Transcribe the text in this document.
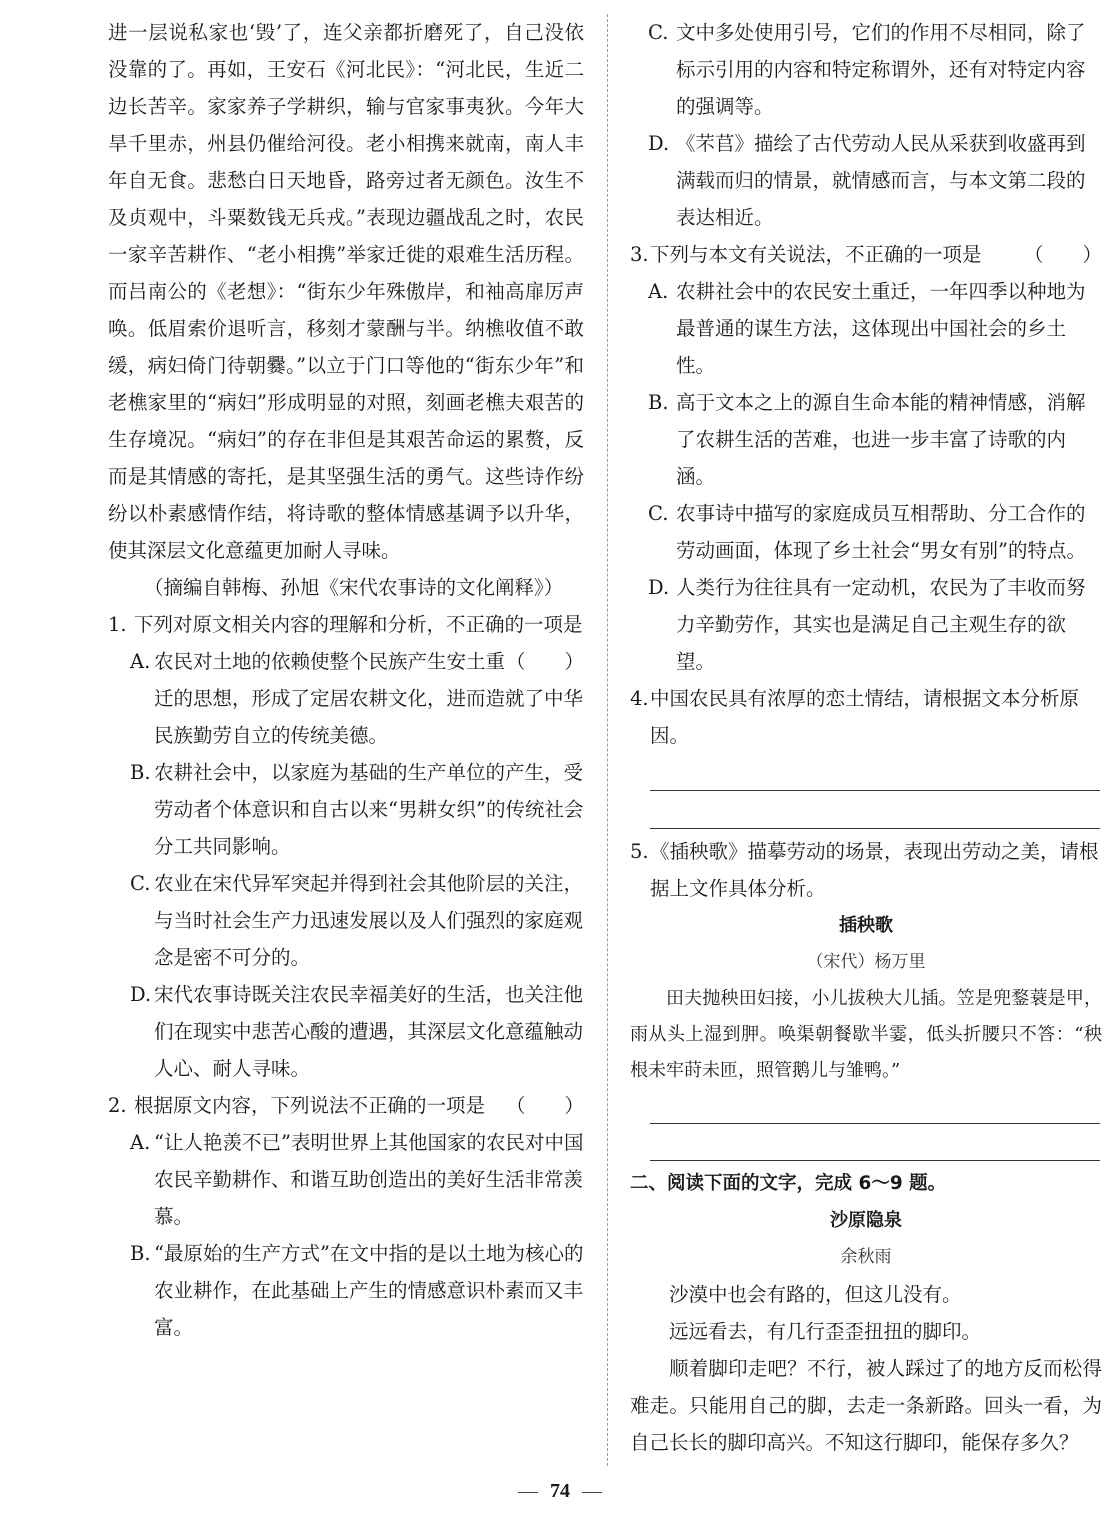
进一层说私家也‘毁’了，连父亲都折磨死了，自己没依没靠的了。再如，王安石《河北民》：“河北民，生近二边长苦辛。家家养子学耕织，输与官家事夷狄。今年大旱千里赤，州县仍催给河役。老小相携来就南，南人丰年自无食。悲愁白日天地昏，路旁过者无颜色。汝生不及贞观中，斗粟数钱无兵戎。”表现边疆战乱之时，农民一家辛苦耕作、“老小相携”举家迁徙的艰难生活历程。而吕南公的《老想》：“街东少年殊傲岸，和袖高扉厉声唤。低眉索价退听言，移刻才蒙酬与半。纳樵收值不敢缓，病妇倚门待朝爨。”以立于门口等他的“街东少年”和老樵家里的“病妇”形成明显的对照，刻画老樵夫艰苦的生存境况。“病妇”的存在非但是其艰苦命运的累赘，反而是其情感的寄托，是其坚强生活的勇气。这些诗作纷纷以朴素感情作结，将诗歌的整体情感基调予以升华，使其深层文化意蕴更加耐人寻味。

（摘编自韩梅、孙旭《宋代农事诗的文化阐释》）

1. 下列对原文相关内容的理解和分析，不正确的一项是
（　　）

A. 农民对土地的依赖使整个民族产生安土重迁的思想，形成了定居农耕文化，进而造就了中华民族勤劳自立的传统美德。

B. 农耕社会中，以家庭为基础的生产单位的产生，受劳动者个体意识和自古以来“男耕女织”的传统社会分工共同影响。

C. 农业在宋代异军突起并得到社会其他阶层的关注，与当时社会生产力迅速发展以及人们强烈的家庭观念是密不可分的。

D. 宋代农事诗既关注农民幸福美好的生活，也关注他们在现实中悲苦心酸的遭遇，其深层文化意蕴触动人心、耐人寻味。

2. 根据原文内容，下列说法不正确的一项是 （　　）

A. “让人艳羡不已”表明世界上其他国家的农民对中国农民辛勤耕作、和谐互助创造出的美好生活非常羡慕。

B. “最原始的生产方式”在文中指的是以土地为核心的农业耕作，在此基础上产生的情感意识朴素而又丰富。

C. 文中多处使用引号，它们的作用不尽相同，除了标示引用的内容和特定称谓外，还有对特定内容的强调等。

D. 《芣苢》描绘了古代劳动人民从采获到收盛再到满载而归的情景，就情感而言，与本文第二段的表达相近。

3. 下列与本文有关说法，不正确的一项是 （　　）

A. 农耕社会中的农民安土重迁，一年四季以种地为最普通的谋生方法，这体现出中国社会的乡土性。

B. 高于文本之上的源自生命本能的精神情感，消解了农耕生活的苦难，也进一步丰富了诗歌的内涵。

C. 农事诗中描写的家庭成员互相帮助、分工合作的劳动画面，体现了乡土社会“男女有别”的特点。

D. 人类行为往往具有一定动机，农民为了丰收而努力辛勤劳作，其实也是满足自己主观生存的欲望。

4. 中国农民具有浓厚的恋土情结，请根据文本分析原因。

5. 《插秧歌》描摹劳动的场景，表现出劳动之美，请根据上文作具体分析。

插秧歌

（宋代）杨万里

田夫抛秧田妇接，小儿拔秧大儿插。笠是兜鍪蓑是甲，雨从头上湿到胛。唤渠朝餐歇半霎，低头折腰只不答：“秧根未牢莳未匝，照管鹅儿与雏鸭。”

二、阅读下面的文字，完成 6～9 题。

沙原隐泉

余秋雨

沙漠中也会有路的，但这儿没有。

远远看去，有几行歪歪扭扭的脚印。

顺着脚印走吧？不行，被人踩过了的地方反而松得难走。只能用自己的脚，去走一条新路。回头一看，为自己长长的脚印高兴。不知这行脚印，能保存多久？

— 74 —
